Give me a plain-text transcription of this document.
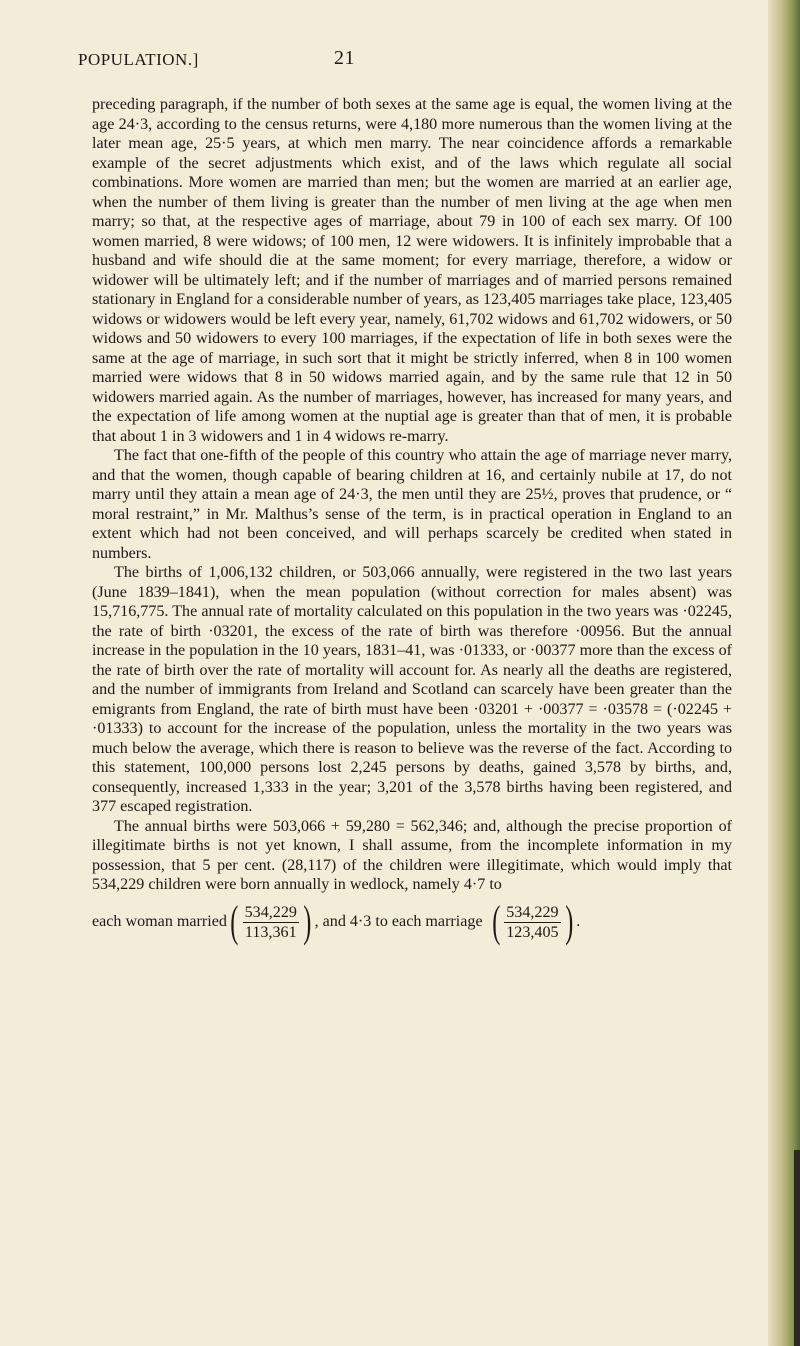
POPULATION.]	21

preceding paragraph, if the number of both sexes at the same age is equal, the women living at the age 24·3, according to the census returns, were 4,180 more numerous than the women living at the later mean age, 25·5 years, at which men marry. The near coincidence affords a remarkable example of the secret adjustments which exist, and of the laws which regulate all social combinations. More women are married than men; but the women are married at an earlier age, when the number of them living is greater than the number of men living at the age when men marry; so that, at the respective ages of marriage, about 79 in 100 of each sex marry. Of 100 women married, 8 were widows; of 100 men, 12 were widowers. It is infinitely improbable that a husband and wife should die at the same moment; for every marriage, therefore, a widow or widower will be ultimately left; and if the number of marriages and of married persons remained stationary in England for a considerable number of years, as 123,405 marriages take place, 123,405 widows or widowers would be left every year, namely, 61,702 widows and 61,702 widowers, or 50 widows and 50 widowers to every 100 marriages, if the expectation of life in both sexes were the same at the age of marriage, in such sort that it might be strictly inferred, when 8 in 100 women married were widows that 8 in 50 widows married again, and by the same rule that 12 in 50 widowers married again. As the number of marriages, however, has increased for many years, and the expectation of life among women at the nuptial age is greater than that of men, it is probable that about 1 in 3 widowers and 1 in 4 widows re-marry.

The fact that one-fifth of the people of this country who attain the age of marriage never marry, and that the women, though capable of bearing children at 16, and certainly nubile at 17, do not marry until they attain a mean age of 24·3, the men until they are 25½, proves that prudence, or “ moral restraint,” in Mr. Malthus’s sense of the term, is in practical operation in England to an extent which had not been conceived, and will perhaps scarcely be credited when stated in numbers.

The births of 1,006,132 children, or 503,066 annually, were registered in the two last years (June 1839–1841), when the mean population (without correction for males absent) was 15,716,775. The annual rate of mortality calculated on this population in the two years was ·02245, the rate of birth ·03201, the excess of the rate of birth was therefore ·00956. But the annual increase in the population in the 10 years, 1831–41, was ·01333, or ·00377 more than the excess of the rate of birth over the rate of mortality will account for. As nearly all the deaths are registered, and the number of immigrants from Ireland and Scotland can scarcely have been greater than the emigrants from England, the rate of birth must have been ·03201 + ·00377 = ·03578 = (·02245 + ·01333) to account for the increase of the population, unless the mortality in the two years was much below the average, which there is reason to believe was the reverse of the fact. According to this statement, 100,000 persons lost 2,245 persons by deaths, gained 3,578 by births, and, consequently, increased 1,333 in the year; 3,201 of the 3,578 births having been registered, and 377 escaped registration.

The annual births were 503,066 + 59,280 = 562,346; and, although the precise proportion of illegitimate births is not yet known, I shall assume, from the incomplete information in my possession, that 5 per cent. (28,117) of the children were illegitimate, which would imply that 534,229 children were born annually in wedlock, namely 4·7 to

each woman married ( $\frac{534,229}{113,361}$ ) , and 4·3 to each marriage ( $\frac{534,229}{123,405}$ ) .
